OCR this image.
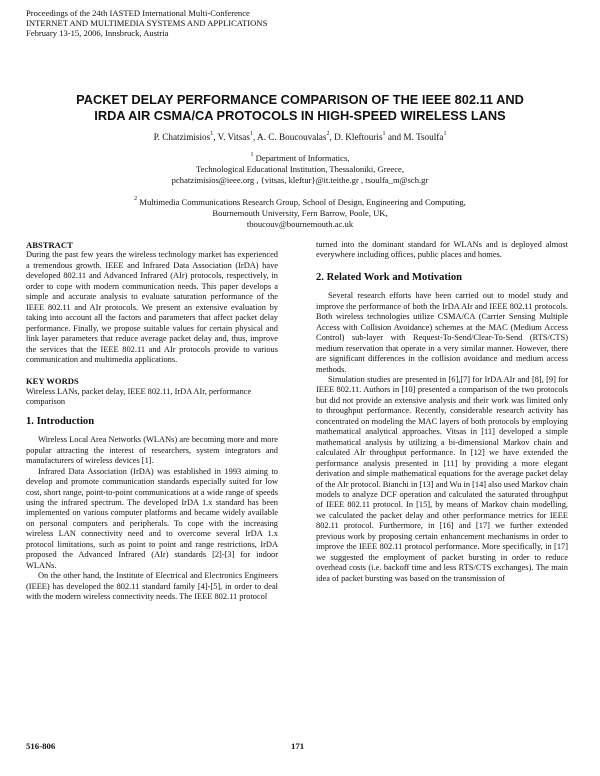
Proceedings of the 24th IASTED International Multi-Conference
INTERNET AND MULTIMEDIA SYSTEMS AND APPLICATIONS
February 13-15, 2006, Innsbruck, Austria
PACKET DELAY PERFORMANCE COMPARISON OF THE IEEE 802.11 AND
IRDA AIR CSMA/CA PROTOCOLS IN HIGH-SPEED WIRELESS LANS
P. Chatzimisios$^1$, V. Vitsas$^1$, A. C. Boucouvalas$^2$, D. Kleftouris$^1$ and M. Tsoulfa$^1$
$^1$ Department of Informatics,
Technological Educational Institution, Thessaloniki, Greece,
pchatzimisios@ieee.org , {vitsas, kleftur}@it.teithe.gr , tsoulfa_m@sch.gr
$^2$ Multimedia Communications Research Group, School of Design, Engineering and Computing,
Bournemouth University, Fern Barrow, Poole, UK,
tboucouv@bournemouth.ac.uk

ABSTRACT

During the past few years the wireless technology market has experienced a tremendous growth. IEEE and Infrared Data Association (IrDA) have developed 802.11 and Advanced Infrared (AIr) protocols, respectively, in order to cope with modern communication needs. This paper develops a simple and accurate analysis to evaluate saturation performance of the IEEE 802.11 and AIr protocols. We present an extensive evaluation by taking into account all the factors and parameters that affect packet delay performance. Finally, we propose suitable values for certain physical and link layer parameters that reduce average packet delay and, thus, improve the services that the IEEE 802.11 and AIr protocols provide to various communication and multimedia applications.

KEY WORDS

Wireless LANs, packet delay, IEEE 802.11, IrDA AIr, performance comparison

1. Introduction

Wireless Local Area Networks (WLANs) are becoming more and more popular attracting the interest of researchers, system integrators and manufacturers of wireless devices [1].

Infrared Data Association (IrDA) was established in 1993 aiming to develop and promote communication standards especially suited for low cost, short range, point-to-point communications at a wide range of speeds using the infrared spectrum. The developed IrDA 1.x standard has been implemented on various computer platforms and became widely available on personal computers and peripherals. To cope with the increasing wireless LAN connectivity need and to overcome several IrDA 1.x protocol limitations, such as point to point and range restrictions, IrDA proposed the Advanced Infrared (AIr) standards [2]-[3] for indoor WLANs.

On the other hand, the Institute of Electrical and Electronics Engineers (IEEE) has developed the 802.11 standard family [4]-[5], in order to deal with the modern wireless connectivity needs. The IEEE 802.11 protocol

turned into the dominant standard for WLANs and is deployed almost everywhere including offices, public places and homes.

2. Related Work and Motivation

Several research efforts have been carried out to model study and improve the performance of both the IrDA AIr and IEEE 802.11 protocols. Both wireless technologies utilize CSMA/CA (Carrier Sensing Multiple Access with Collision Avoidance) schemes at the MAC (Medium Access Control) sub-layer with Request-To-Send/Clear-To-Send (RTS/CTS) medium reservation that operate in a very similar manner. However, there are significant differences in the collision avoidance and medium access methods.

Simulation studies are presented in [6],[7] for IrDA AIr and [8], [9] for IEEE 802.11. Authors in [10] presented a comparison of the two protocols but did not provide an extensive analysis and their work was limited only to throughput performance. Recently, considerable research activity has concentrated on modeling the MAC layers of both protocols by employing mathematical analytical approaches. Vitsas in [11] developed a simple mathematical analysis by utilizing a bi-dimensional Markov chain and calculated AIr throughput performance. In [12] we have extended the performance analysis presented in [11] by providing a more elegant derivation and simple mathematical equations for the average packet delay of the AIr protocol. Bianchi in [13] and Wu in [14] also used Markov chain models to analyze DCF operation and calculated the saturated throughput of IEEE 802.11 protocol. In [15], by means of Markov chain modelling, we calculated the packet delay and other performance metrics for IEEE 802.11 protocol. Furthermore, in [16] and [17] we further extended previous work by proposing certain enhancement mechanisms in order to improve the IEEE 802.11 protocol performance. More specifically, in [17] we suggested the employment of packet bursting in order to reduce overhead costs (i.e. backoff time and less RTS/CTS exchanges). The main idea of packet bursting was based on the transmission of

516-806	171
